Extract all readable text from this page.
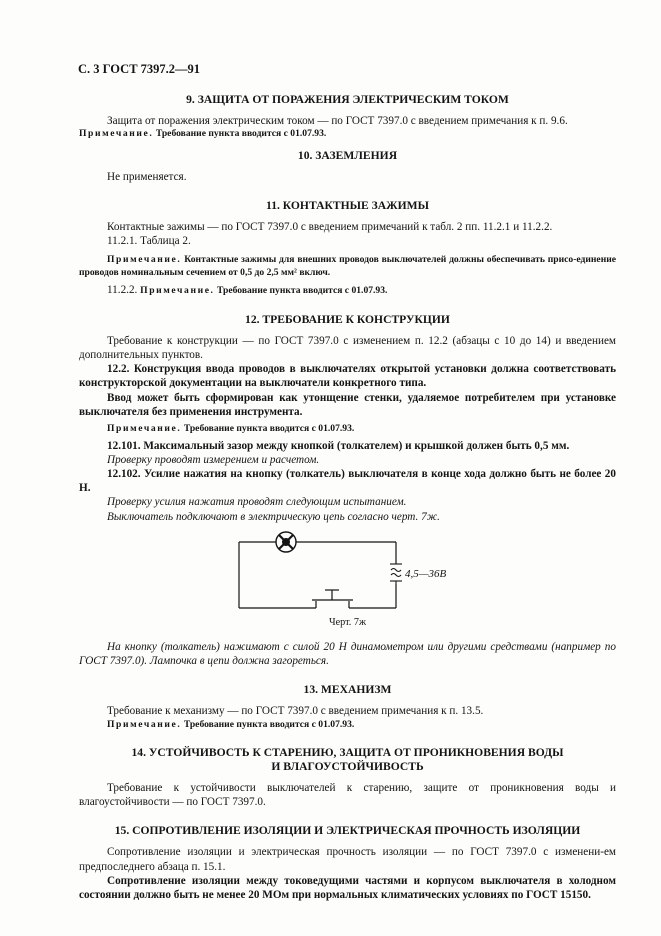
С. 3 ГОСТ 7397.2—91
9. ЗАЩИТА ОТ ПОРАЖЕНИЯ ЭЛЕКТРИЧЕСКИМ ТОКОМ

Защита от поражения электрическим током — по ГОСТ 7397.0 с введением примечания к п. 9.6.

Примечание. Требование пункта вводится с 01.07.93.

10. ЗАЗЕМЛЕНИЯ

Не применяется.

11. КОНТАКТНЫЕ ЗАЖИМЫ

Контактные зажимы — по ГОСТ 7397.0 с введением примечаний к табл. 2 пп. 11.2.1 и 11.2.2.

11.2.1. Таблица 2.

Примечание. Контактные зажимы для внешних проводов выключателей должны обеспечивать присо-единение проводов номинальным сечением от 0,5 до 2,5 мм² включ.

11.2.2. Примечание. Требование пункта вводится с 01.07.93.

12. ТРЕБОВАНИЕ К КОНСТРУКЦИИ

Требование к конструкции — по ГОСТ 7397.0 с изменением п. 12.2 (абзацы с 10 до 14) и введением дополнительных пунктов.

12.2. Конструкция ввода проводов в выключателях открытой установки должна соответствовать конструкторской документации на выключатели конкретного типа.

Ввод может быть сформирован как утонщение стенки, удаляемое потребителем при установке выключателя без применения инструмента.

Примечание. Требование пункта вводится с 01.07.93.

12.101. Максимальный зазор между кнопкой (толкателем) и крышкой должен быть 0,5 мм.

Проверку проводят измерением и расчетом.

12.102. Усилие нажатия на кнопку (толкатель) выключателя в конце хода должно быть не более 20 Н.

Проверку усилия нажатия проводят следующим испытанием.

Выключатель подключают в электрическую цепь согласно черт. 7ж.

4,5—36В

Черт. 7ж

На кнопку (толкатель) нажимают с силой 20 Н динамометром или другими средствами (например по ГОСТ 7397.0). Лампочка в цепи должна загореться.

13. МЕХАНИЗМ

Требование к механизму — по ГОСТ 7397.0 с введением примечания к п. 13.5.

Примечание. Требование пункта вводится с 01.07.93.

14. УСТОЙЧИВОСТЬ К СТАРЕНИЮ, ЗАЩИТА ОТ ПРОНИКНОВЕНИЯ ВОДЫ
И ВЛАГОУСТОЙЧИВОСТЬ

Требование к устойчивости выключателей к старению, защите от проникновения воды и влагоустойчивости — по ГОСТ 7397.0.

15. СОПРОТИВЛЕНИЕ ИЗОЛЯЦИИ И ЭЛЕКТРИЧЕСКАЯ ПРОЧНОСТЬ ИЗОЛЯЦИИ

Сопротивление изоляции и электрическая прочность изоляции — по ГОСТ 7397.0 с изменени-ем предпоследнего абзаца п. 15.1.

Сопротивление изоляции между токоведущими частями и корпусом выключателя в холодном состоянии должно быть не менее 20 МОм при нормальных климатических условиях по ГОСТ 15150.
